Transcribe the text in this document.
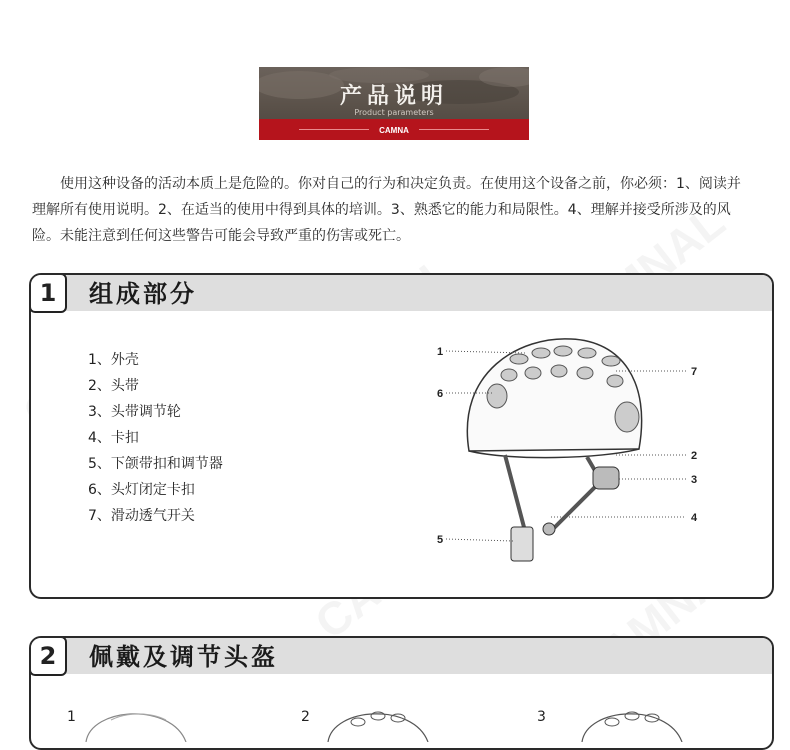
产品说明
Product parameters
CAMNA

使用这种设备的活动本质上是危险的。你对自己的行为和决定负责。在使用这个设备之前，你必须：1、阅读并理解所有使用说明。2、在适当的使用中得到具体的培训。3、熟悉它的能力和局限性。4、理解并接受所涉及的风险。未能注意到任何这些警告可能会导致严重的伤害或死亡。

1	组成部分
1、外壳
2、头带
3、头带调节轮
4、卡扣
5、下颌带扣和调节器
6、头灯闭定卡扣
7、滑动透气开关
1
6
7
2
3
4
5
2	佩戴及调节头盔
1	2	3
